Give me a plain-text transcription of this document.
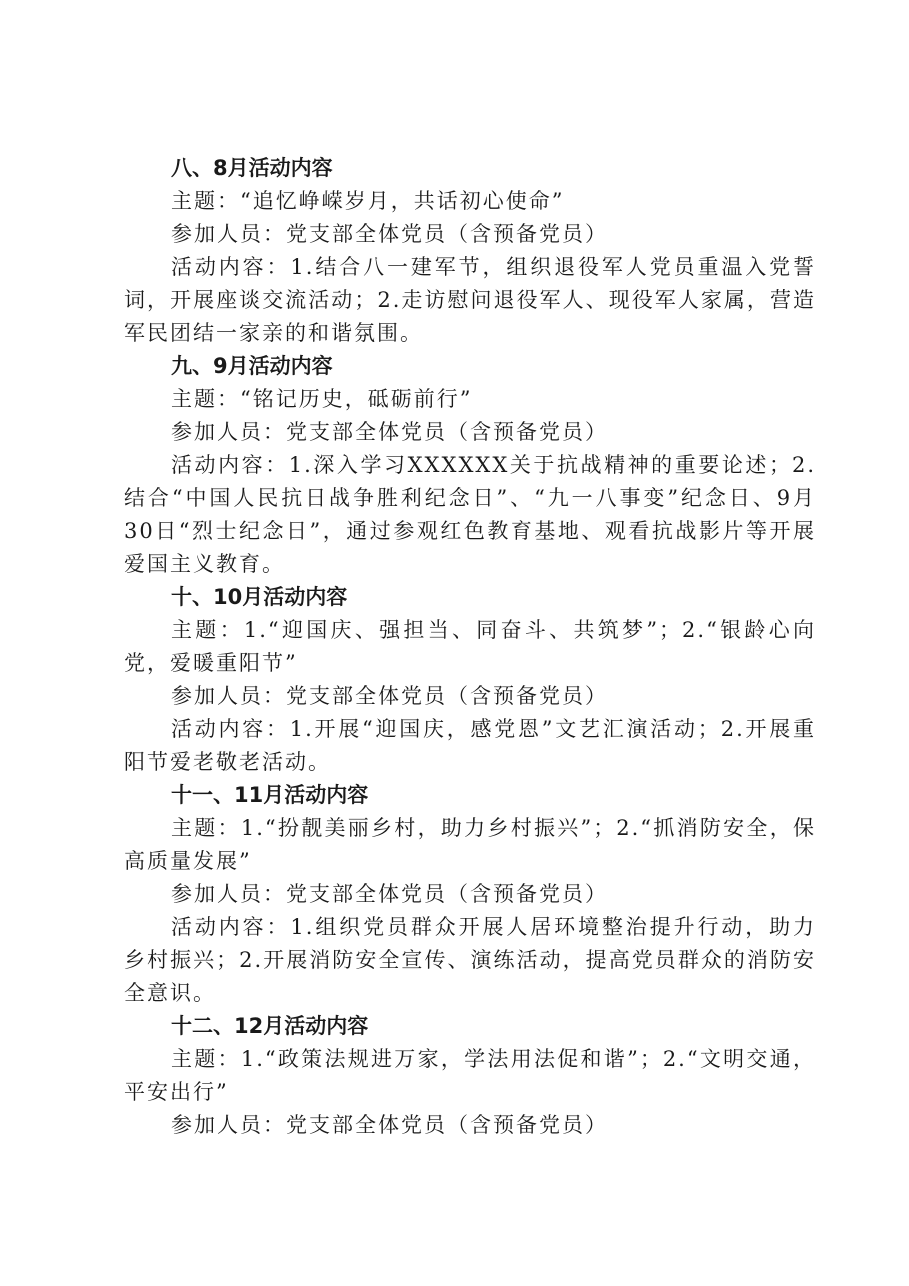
八、8月活动内容

主题：“追忆峥嵘岁月，共话初心使命”

参加人员：党支部全体党员（含预备党员）

活动内容：1.结合八一建军节，组织退役军人党员重温入党誓词，开展座谈交流活动；2.走访慰问退役军人、现役军人家属，营造军民团结一家亲的和谐氛围。

九、9月活动内容

主题：“铭记历史，砥砺前行”

参加人员：党支部全体党员（含预备党员）

活动内容：1.深入学习XXXXXX关于抗战精神的重要论述；2.结合“中国人民抗日战争胜利纪念日”、“九一八事变”纪念日、9月30日“烈士纪念日”，通过参观红色教育基地、观看抗战影片等开展爱国主义教育。

十、10月活动内容

主题：1.“迎国庆、强担当、同奋斗、共筑梦”；2.“银龄心向党，爱暖重阳节”

参加人员：党支部全体党员（含预备党员）

活动内容：1.开展“迎国庆，感党恩”文艺汇演活动；2.开展重阳节爱老敬老活动。

十一、11月活动内容

主题：1.“扮靓美丽乡村，助力乡村振兴”；2.“抓消防安全，保高质量发展”

参加人员：党支部全体党员（含预备党员）

活动内容：1.组织党员群众开展人居环境整治提升行动，助力乡村振兴；2.开展消防安全宣传、演练活动，提高党员群众的消防安全意识。

十二、12月活动内容

主题：1.“政策法规进万家，学法用法促和谐”；2.“文明交通，平安出行”

参加人员：党支部全体党员（含预备党员）
